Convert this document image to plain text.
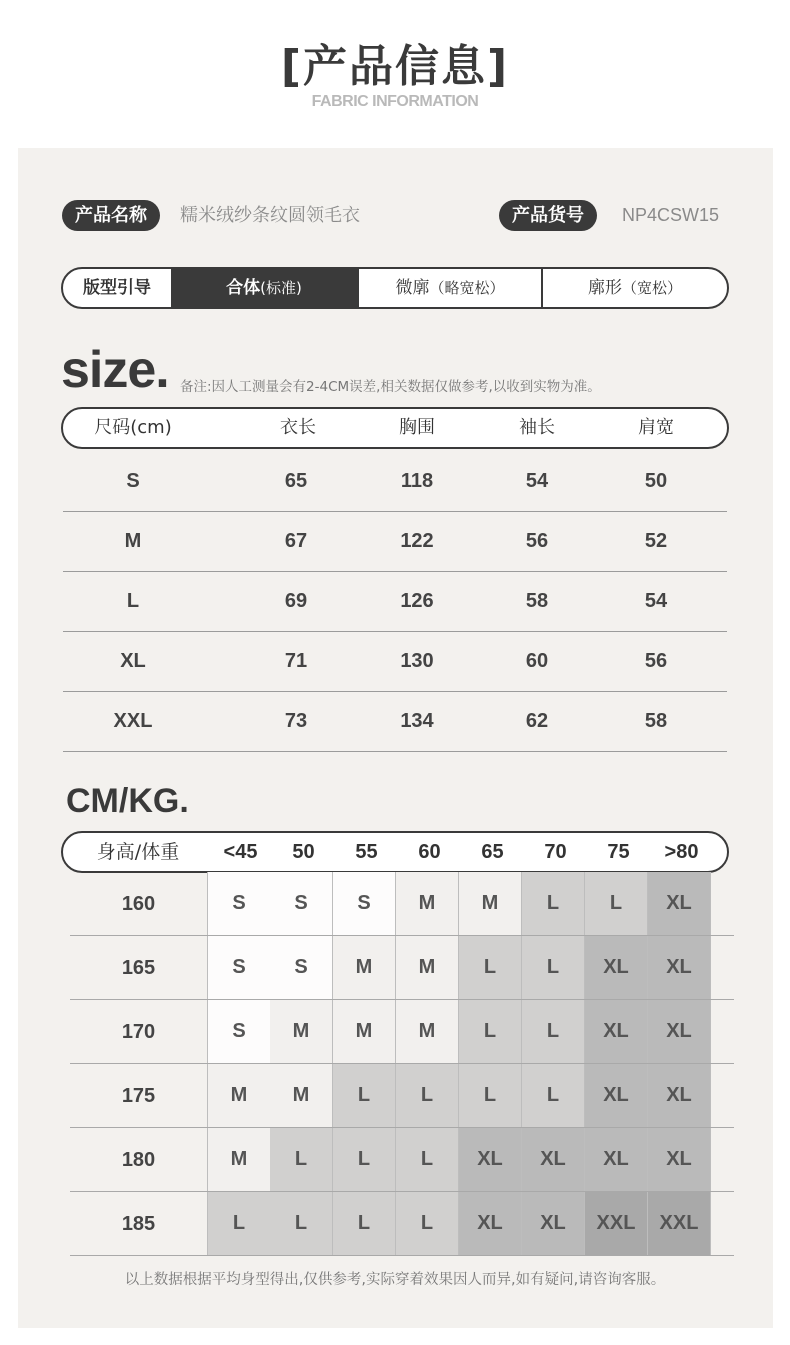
[产品信息]
FABRIC INFORMATION
产品名称	糯米绒纱条纹圆领毛衣	产品货号	NP4CSW15
版型引导	合体(标准)	微廓（略宽松）	廓形（宽松）
size. 备注:因人工测量会有2-4CM误差,相关数据仅做参考,以收到实物为准。
尺码(cm)	衣长	胸围	袖长	肩宽
S	65	118	54	50
M	67	122	56	52
L	69	126	58	54
XL	71	130	60	56
XXL	73	134	62	58
CM/KG.
身高/体重	<45	50	55	60	65	70	75	>80
160	S	S	S	M	M	L	L	XL
165	S	S	M	M	L	L	XL	XL
170	S	M	M	M	L	L	XL	XL
175	M	M	L	L	L	L	XL	XL
180	M	L	L	L	XL	XL	XL	XL
185	L	L	L	L	XL	XL	XXL	XXL
以上数据根据平均身型得出,仅供参考,实际穿着效果因人而异,如有疑问,请咨询客服。
